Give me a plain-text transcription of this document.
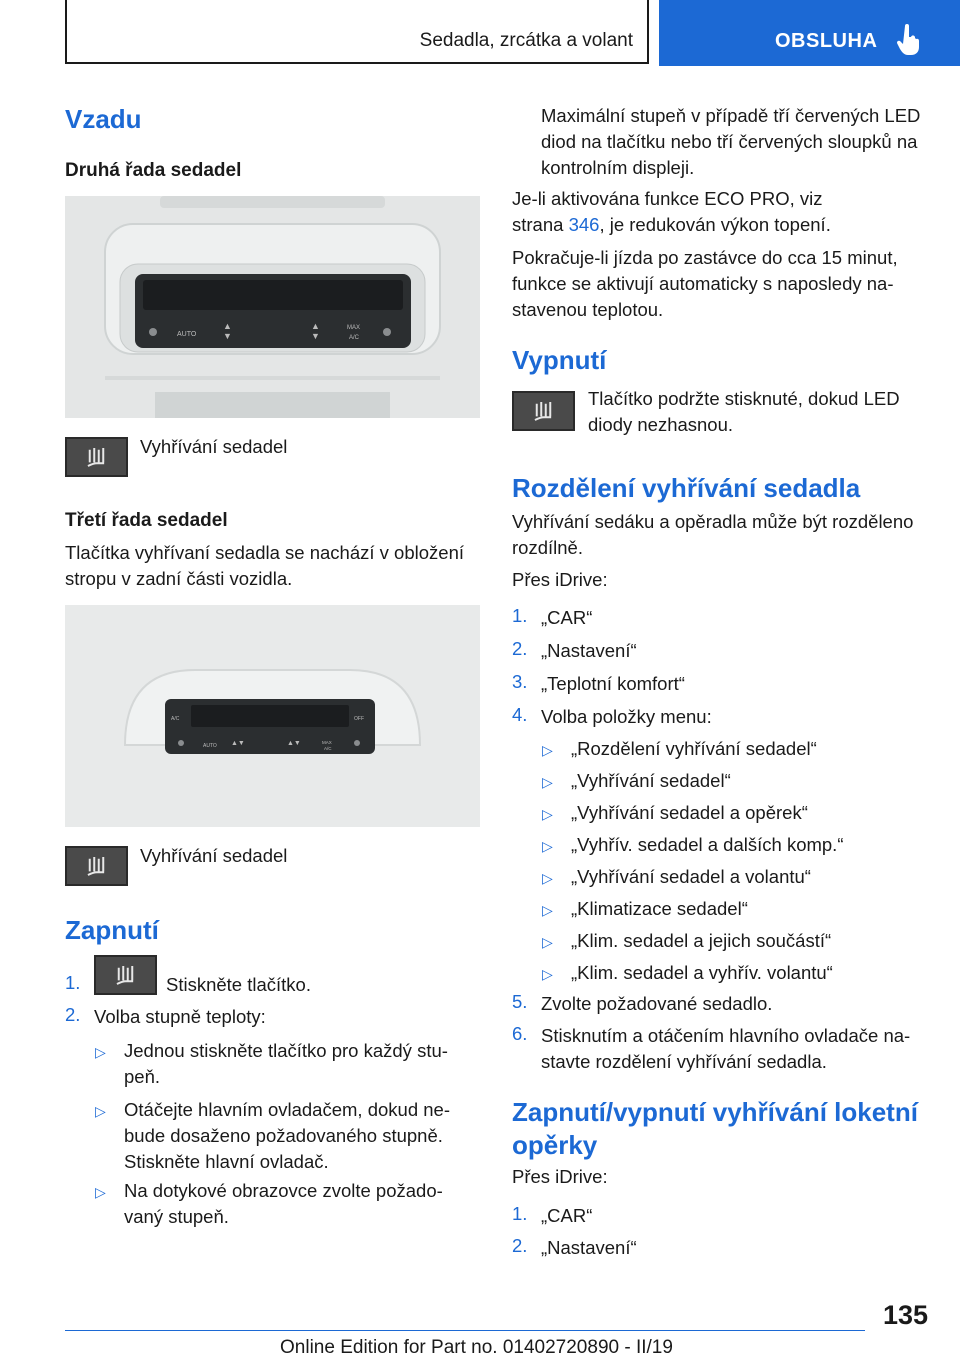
Sedadla, zrcátka a volant	OBSLUHA
Vzadu
Druhá řada sedadel
AUTO
▲
▼
▲
▼
MAX
A/C
Vyhřívání sedadel
Třetí řada sedadel
Tlačítka vyhřívaní sedadla se nachází v obložení stropu v zadní části vozidla.
A/C	OFF
AUTO ▲▼	▲▼	MAX
A/C
Vyhřívání sedadel
Zapnutí
1.	Stiskněte tlačítko.
2. Volba stupně teploty:
▷ Jednou stiskněte tlačítko pro každý stu-
peň.
▷ Otáčejte hlavním ovladačem, dokud ne-
bude dosaženo požadovaného stupně.
Stiskněte hlavní ovladač.
▷ Na dotykové obrazovce zvolte požado-
vaný stupeň.
Maximální stupeň v případě tří červených LED diod na tlačítku nebo tří červených sloupků na kontrolním displeji.
Je-li aktivována funkce ECO PRO, viz
strana 346, je redukován výkon topení.
Pokračuje-li jízda po zastávce do cca 15 minut, funkce se aktivují automaticky s naposledy na-stavenou teplotou.
Vypnutí
Tlačítko podržte stisknuté, dokud LED diody nezhasnou.
Rozdělení vyhřívání sedadla
Vyhřívání sedáku a opěradla může být rozděleno rozdílně.
Přes iDrive:
1. „CAR“
2. „Nastavení“
3. „Teplotní komfort“
4. Volba položky menu:
▷ „Rozdělení vyhřívání sedadel“
▷ „Vyhřívání sedadel“
▷ „Vyhřívání sedadel a opěrek“
▷ „Vyhřív. sedadel a dalších komp.“
▷ „Vyhřívání sedadel a volantu“
▷ „Klimatizace sedadel“
▷ „Klim. sedadel a jejich součástí“
▷ „Klim. sedadel a vyhřív. volantu“
5. Zvolte požadované sedadlo.
6. Stisknutím a otáčením hlavního ovladače na-
stavte rozdělení vyhřívání sedadla.
Zapnutí/vypnutí vyhřívání loketní
opěrky
Přes iDrive:
1. „CAR“
2. „Nastavení“
135
Online Edition for Part no. 01402720890 - II/19
